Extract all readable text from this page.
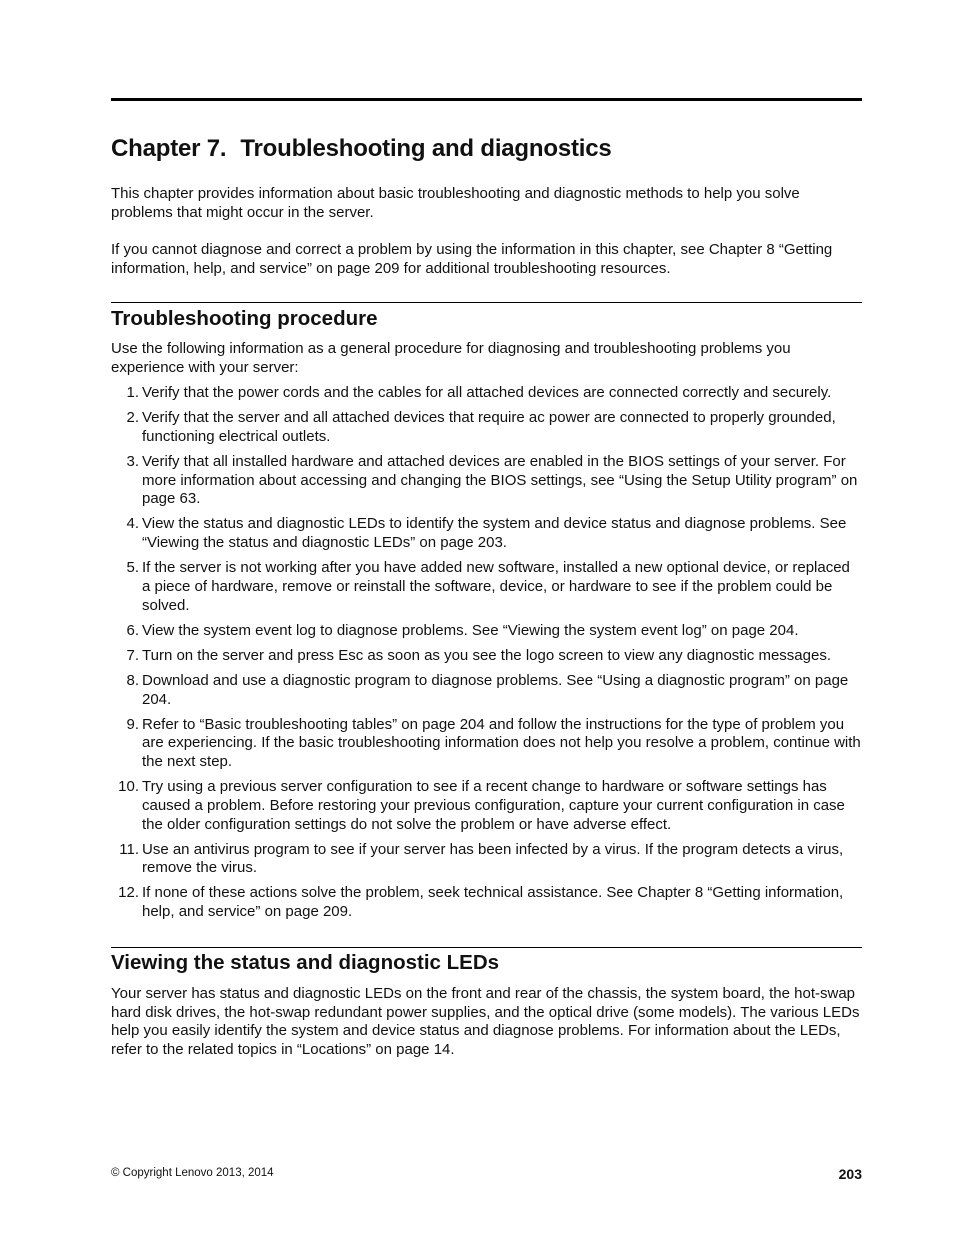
Chapter 7. Troubleshooting and diagnostics

This chapter provides information about basic troubleshooting and diagnostic methods to help you solve problems that might occur in the server.

If you cannot diagnose and correct a problem by using the information in this chapter, see Chapter 8 “Getting information, help, and service” on page 209 for additional troubleshooting resources.

Troubleshooting procedure

Use the following information as a general procedure for diagnosing and troubleshooting problems you experience with your server:

1. Verify that the power cords and the cables for all attached devices are connected correctly and securely.
2. Verify that the server and all attached devices that require ac power are connected to properly grounded, functioning electrical outlets.
3. Verify that all installed hardware and attached devices are enabled in the BIOS settings of your server. For more information about accessing and changing the BIOS settings, see “Using the Setup Utility program” on page 63.
4. View the status and diagnostic LEDs to identify the system and device status and diagnose problems. See “Viewing the status and diagnostic LEDs” on page 203.
5. If the server is not working after you have added new software, installed a new optional device, or replaced a piece of hardware, remove or reinstall the software, device, or hardware to see if the problem could be solved.
6. View the system event log to diagnose problems. See “Viewing the system event log” on page 204.
7. Turn on the server and press Esc as soon as you see the logo screen to view any diagnostic messages.
8. Download and use a diagnostic program to diagnose problems. See “Using a diagnostic program” on page 204.
9. Refer to “Basic troubleshooting tables” on page 204 and follow the instructions for the type of problem you are experiencing. If the basic troubleshooting information does not help you resolve a problem, continue with the next step.
10. Try using a previous server configuration to see if a recent change to hardware or software settings has caused a problem. Before restoring your previous configuration, capture your current configuration in case the older configuration settings do not solve the problem or have adverse effect.
11. Use an antivirus program to see if your server has been infected by a virus. If the program detects a virus, remove the virus.
12. If none of these actions solve the problem, seek technical assistance. See Chapter 8 “Getting information, help, and service” on page 209.
Viewing the status and diagnostic LEDs

Your server has status and diagnostic LEDs on the front and rear of the chassis, the system board, the hot-swap hard disk drives, the hot-swap redundant power supplies, and the optical drive (some models). The various LEDs help you easily identify the system and device status and diagnose problems. For information about the LEDs, refer to the related topics in “Locations” on page 14.

© Copyright Lenovo 2013, 2014	203
